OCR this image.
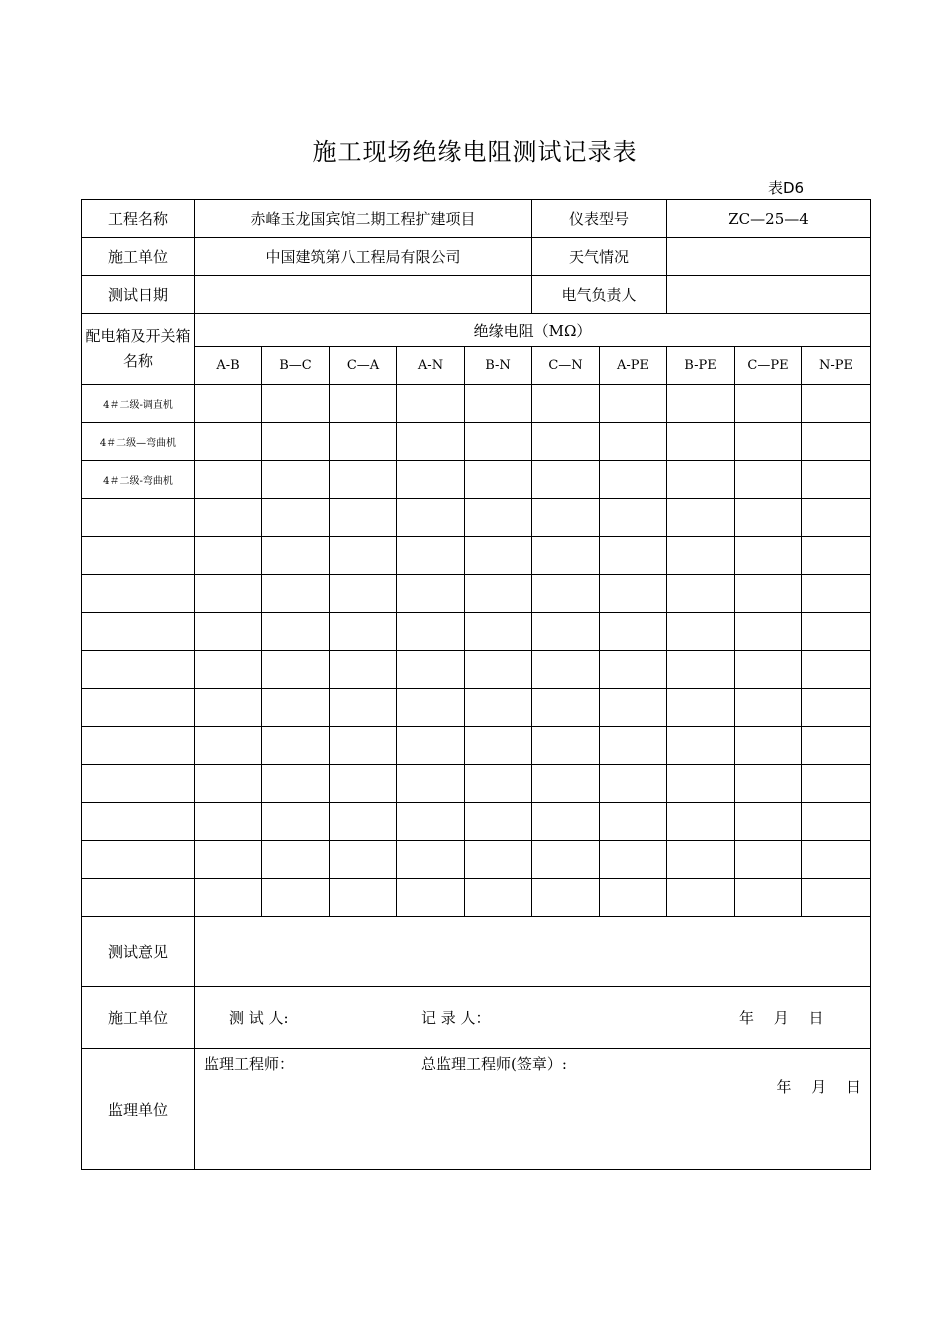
施工现场绝缘电阻测试记录表
表D6
工程名称	赤峰玉龙国宾馆二期工程扩建项目					仪表型号		ZC—25—4		
施工单位	中国建筑第八工程局有限公司					天气情况				
测试日期						电气负责人				
配电箱及开关箱名称	绝缘电阻（MΩ）									
	A-B	B—C	C—A	A-N	B-N	C—N	A-PE	B-PE	C—PE	N-PE
4＃二级-调直机										
4＃二级—弯曲机										
4＃二级-弯曲机										

测试意见										
施工单位	测 试 人: 记 录 人： 年　 月　 日									
监理单位	监理工程师： 总监理工程师(签章）:
年　 月　 日									
